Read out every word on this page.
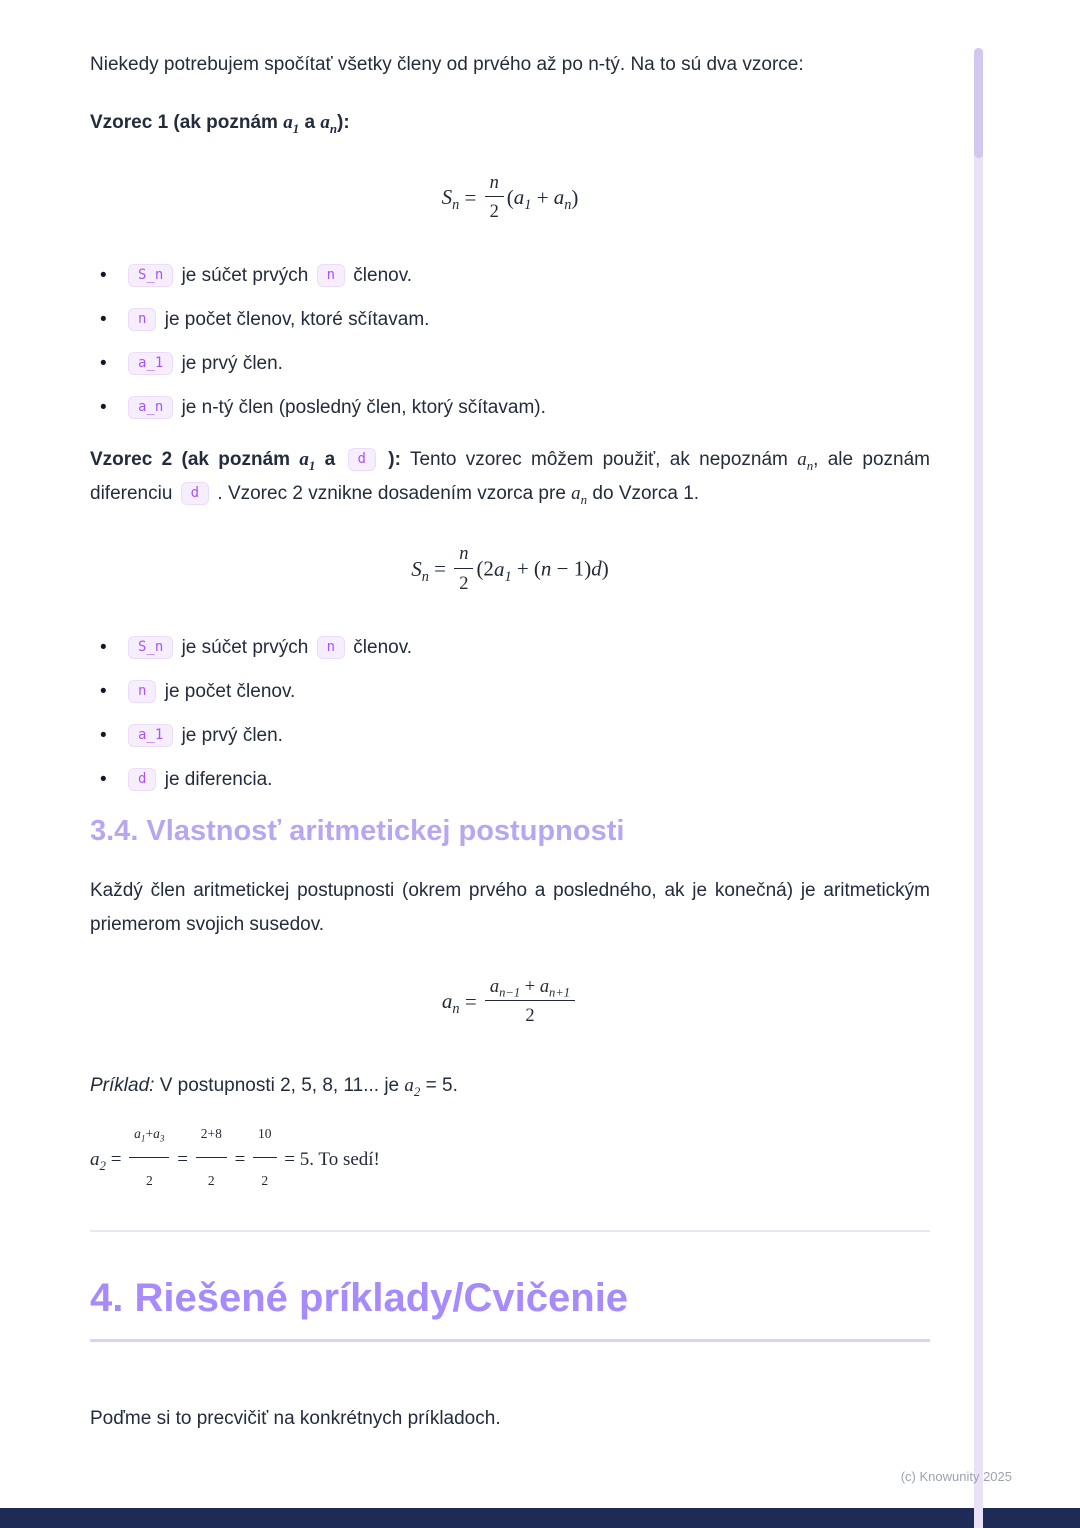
Niekedy potrebujem spočítať všetky členy od prvého až po n-tý. Na to sú dva vzorce:

Vzorec 1 (ak poznám $a_1$ a $a_n$):

$S_n = \frac{n}{2} (a_1 + a_n)$
• S_n je súčet prvých n členov.
• n je počet členov, ktoré sčítavam.
• a_1 je prvý člen.
• a_n je n-tý člen (posledný člen, ktorý sčítavam).

Vzorec 2 (ak poznám $a_1$ a d ): Tento vzorec môžem použiť, ak nepoznám $a_n$, ale poznám diferenciu d . Vzorec 2 vznikne dosadením vzorca pre $a_n$ do Vzorca 1.

$S_n = \frac{n}{2} (2a_1 + (n - 1)d)$
• S_n je súčet prvých n členov.
• n je počet členov.
• a_1 je prvý člen.
• d je diferencia.
3.4. Vlastnosť aritmetickej postupnosti

Každý člen aritmetickej postupnosti (okrem prvého a posledného, ak je konečná) je aritmetickým priemerom svojich susedov.

$a_n = \frac{a_{n-1} + a_{n+1}}{2}$

Príklad: V postupnosti 2, 5, 8, 11... je $a_2 = 5$.

$a_2 = \frac{a_1+a_3}{2} = \frac{2+8}{2} = \frac{10}{2} = 5$. To sedí!
4. Riešené príklady/Cvičenie

Poďme si to precvičiť na konkrétnych príkladoch.

(c) Knowunity 2025
